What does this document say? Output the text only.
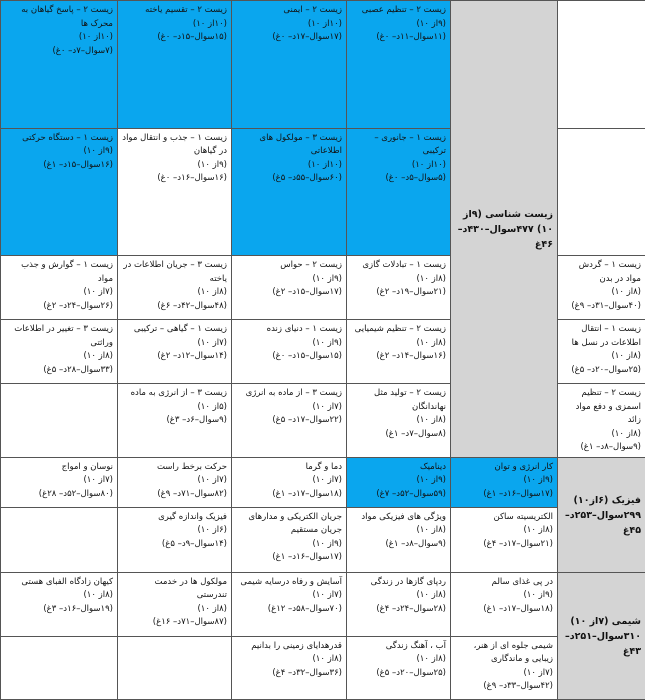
	زیست شناسی (۹از ۱۰) ۴۷۷سوال–۴۳۰د– ۴۶غ	زیست ۲ – تنظیم عصبی
(۹از ۱۰)
(۱۱سوال–۱۱د– ۰غ)	زیست ۲ – ایمنی
(۱۰از ۱۰)
(۱۷سوال–۱۷د– ۰غ)	زیست ۲ – تقسیم یاخته
(۱۰از ۱۰)
(۱۵سوال–۱۵د– ۰غ)	زیست ۲ – پاسخ گیاهان به محرک ها
(۱۰از ۱۰)
(۷سوال–۷د– ۰غ)

		زیست ۱ – جانوری – ترکیبی
(۱۰از ۱۰)
(۵سوال–۵د– ۰غ)	زیست ۳ – مولکول های اطلاعاتی
(۱۰از ۱۰)
(۶۰سوال–۵۵د– ۵غ)	زیست ۱ – جذب و انتقال مواد در گیاهان
(۹از ۱۰)
(۱۶سوال–۱۶د– ۰غ)	زیست ۱ – دستگاه حرکتی
(۹از ۱۰)
(۱۶سوال–۱۵د– ۱غ)

زیست ۱ – گردش مواد در بدن
(۸از ۱۰)
(۴۰سوال–۳۱د– ۹غ)		زیست ۱ – تبادلات گازی
(۸از ۱۰)
(۲۱سوال–۱۹د– ۲غ)	زیست ۲ – حواس
(۹از ۱۰)
(۱۷سوال–۱۵د– ۲غ)	زیست ۳ – جریان اطلاعات در یاخته
(۸از ۱۰)
(۴۸سوال–۴۲د– ۶غ)	زیست ۱ – گوارش و جذب مواد
(۷از ۱۰)
(۲۶سوال–۲۴د– ۲غ)	

زیست ۱ – انتقال اطلاعات در نسل ها
(۸از ۱۰)
(۲۵سوال–۲۰د– ۵غ)		زیست ۲ – تنظیم شیمیایی
(۸از ۱۰)
(۱۶سوال–۱۴د– ۲غ)	زیست ۱ – دنیای زنده
(۹از ۱۰)
(۱۵سوال–۱۵د– ۰غ)	زیست ۱ – گیاهی – ترکیبی
(۷از ۱۰)
(۱۴سوال–۱۲د– ۲غ)	زیست ۳ – تغییر در اطلاعات وراثتی
(۸از ۱۰)
(۳۳سوال–۲۸د– ۵غ)	

زیست ۲ – تنظیم اسمزی و دفع مواد زائد
(۸از ۱۰)
(۹سوال–۸د– ۱غ)		زیست ۲ – تولید مثل نهاندانگان
(۸از ۱۰)
(۸سوال–۷د– ۱غ)	زیست ۳ – از ماده به انرژی
(۷از ۱۰)
(۲۲سوال–۱۷د– ۵غ)	زیست ۳ – از انرژی به ماده
(۵از ۱۰)
(۹سوال–۶د– ۳غ)		

فیزیک (۶از۱۰) ۲۹۹سوال–۲۵۳د– ۴۵غ	کار انرژی و توان
(۹از ۱۰)
(۱۷سوال–۱۶د– ۱غ)	دینامیک
(۹از ۱۰)
(۵۹سوال–۵۲د– ۷غ)	دما و گرما
(۷از ۱۰)
(۱۸سوال–۱۷د– ۱غ)	حرکت برخط راست
(۷از ۱۰)
(۸۲سوال–۷۱د– ۹غ)	نوسان و امواج
(۷از ۱۰)
(۸۰سوال–۵۲د– ۲۸غ)	

	الکتریسیته ساکن
(۸از ۱۰)
(۲۱سوال–۱۷د– ۴غ)	ویژگی های فیزیکی مواد
(۸از ۱۰)
(۹سوال–۸د– ۱غ)	جریان الکتریکی و مدارهای جریان مستقیم
(۹از ۱۰)
(۱۷سوال–۱۶د– ۱غ)	فیزیک واندازه گیری
(۶از ۱۰)
(۱۴سوال–۹د– ۵غ)		

شیمی (۷از ۱۰) ۳۱۰سوال–۲۵۱د– ۴۳غ	در پی غذای سالم
(۹از ۱۰)
(۱۸سوال–۱۷د– ۱غ)	ردپای گازها در زندگی
(۸از ۱۰)
(۲۸سوال–۲۴د– ۴غ)	آسایش و رفاه درسایه شیمی
(۷از ۱۰)
(۷۰سوال–۵۸د– ۱۲غ)	مولکول ها در خدمت تندرستی
(۸از ۱۰)
(۸۷سوال–۷۱د– ۱۶غ)	کیهان زادگاه الفبای هستی
(۸از ۱۰)
(۱۹سوال–۱۶د– ۳غ)	

	شیمی جلوه ای از هنر، زیبایی و ماندگاری
(۷از ۱۰)
(۴۲سوال–۳۳د– ۹غ)	آب ، آهنگ زندگی
(۸از ۱۰)
(۲۵سوال–۲۰د– ۵غ)	قدرهدایای زمینی را بدانیم
(۸از ۱۰)
(۳۶سوال–۳۲د– ۴غ)			
